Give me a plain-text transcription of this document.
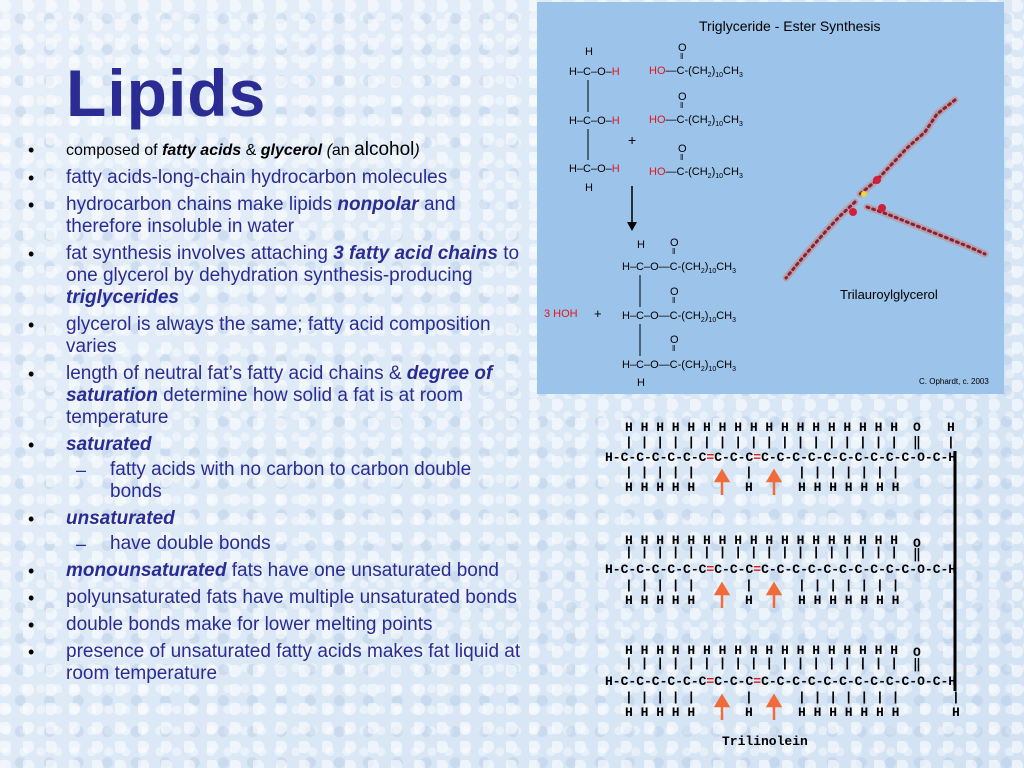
Lipids
• composed of fatty acids & glycerol (an alcohol)
• fatty acids-long-chain hydrocarbon molecules
• hydrocarbon chains make lipids nonpolar and therefore insoluble in water
• fat synthesis involves attaching 3 fatty acid chains to one glycerol by dehydration synthesis-producing triglycerides
• glycerol is always the same; fatty acid composition varies
• length of neutral fat’s fatty acid chains & degree of saturation determine how solid a fat is at room temperature
• saturated
– fatty acids with no carbon to carbon double bonds
• unsaturated
– have double bonds
• monounsaturated fats have one unsaturated bond
• polyunsaturated fats have multiple unsaturated bonds
• double bonds make for lower melting points
• presence of unsaturated fatty acids makes fat liquid at room temperature
Triglyceride - Ester Synthesis
H
H–C–O–H
H–C–O–H
H–C–O–H
H
+
O
‖
$HO—C-(CH_2)_{10}CH_3$
O
‖
$HO—C-(CH_2)_{10}CH_3$
O
‖
$HO—C-(CH_2)_{10}CH_3$
H O
‖
$H-C-O—C-(CH_2)_{10}CH_3$
O
‖
$H-C-O—C-(CH_2)_{10}CH_3$
O
‖
$H-C-O—C-(CH_2)_{10}CH_3$
H
3 HOH +
Trilauroylglycerol
C. Ophardt, c. 2003
H H H H H H H H H H H H H H H H H H
| | | | | | | | | | | | | | | | | |
H-C-C-C-C-C-C=C-C-C=C-C-C-C-C-C-C-C-C-C-O-C-H
| | | | |	|	| | | | | | |
H H H H H	H	H H H H H H H
O
‖
H
|
H H H H H H H H H H H H H H H H H H
| | | | | | | | | | | | | | | | | |
H-C-C-C-C-C-C=C-C-C=C-C-C-C-C-C-C-C-C-C-O-C-H
| | | | |	|	| | | | | | |
H H H H H	H	H H H H H H H
O
‖
H H H H H H H H H H H H H H H H H H
| | | | | | | | | | | | | | | | | |
H-C-C-C-C-C-C=C-C-C=C-C-C-C-C-C-C-C-C-C-O-C-H
| | | | |	|	| | | | | | |
H H H H H	H	H H H H H H H
O
‖
|
H
Trilinolein
